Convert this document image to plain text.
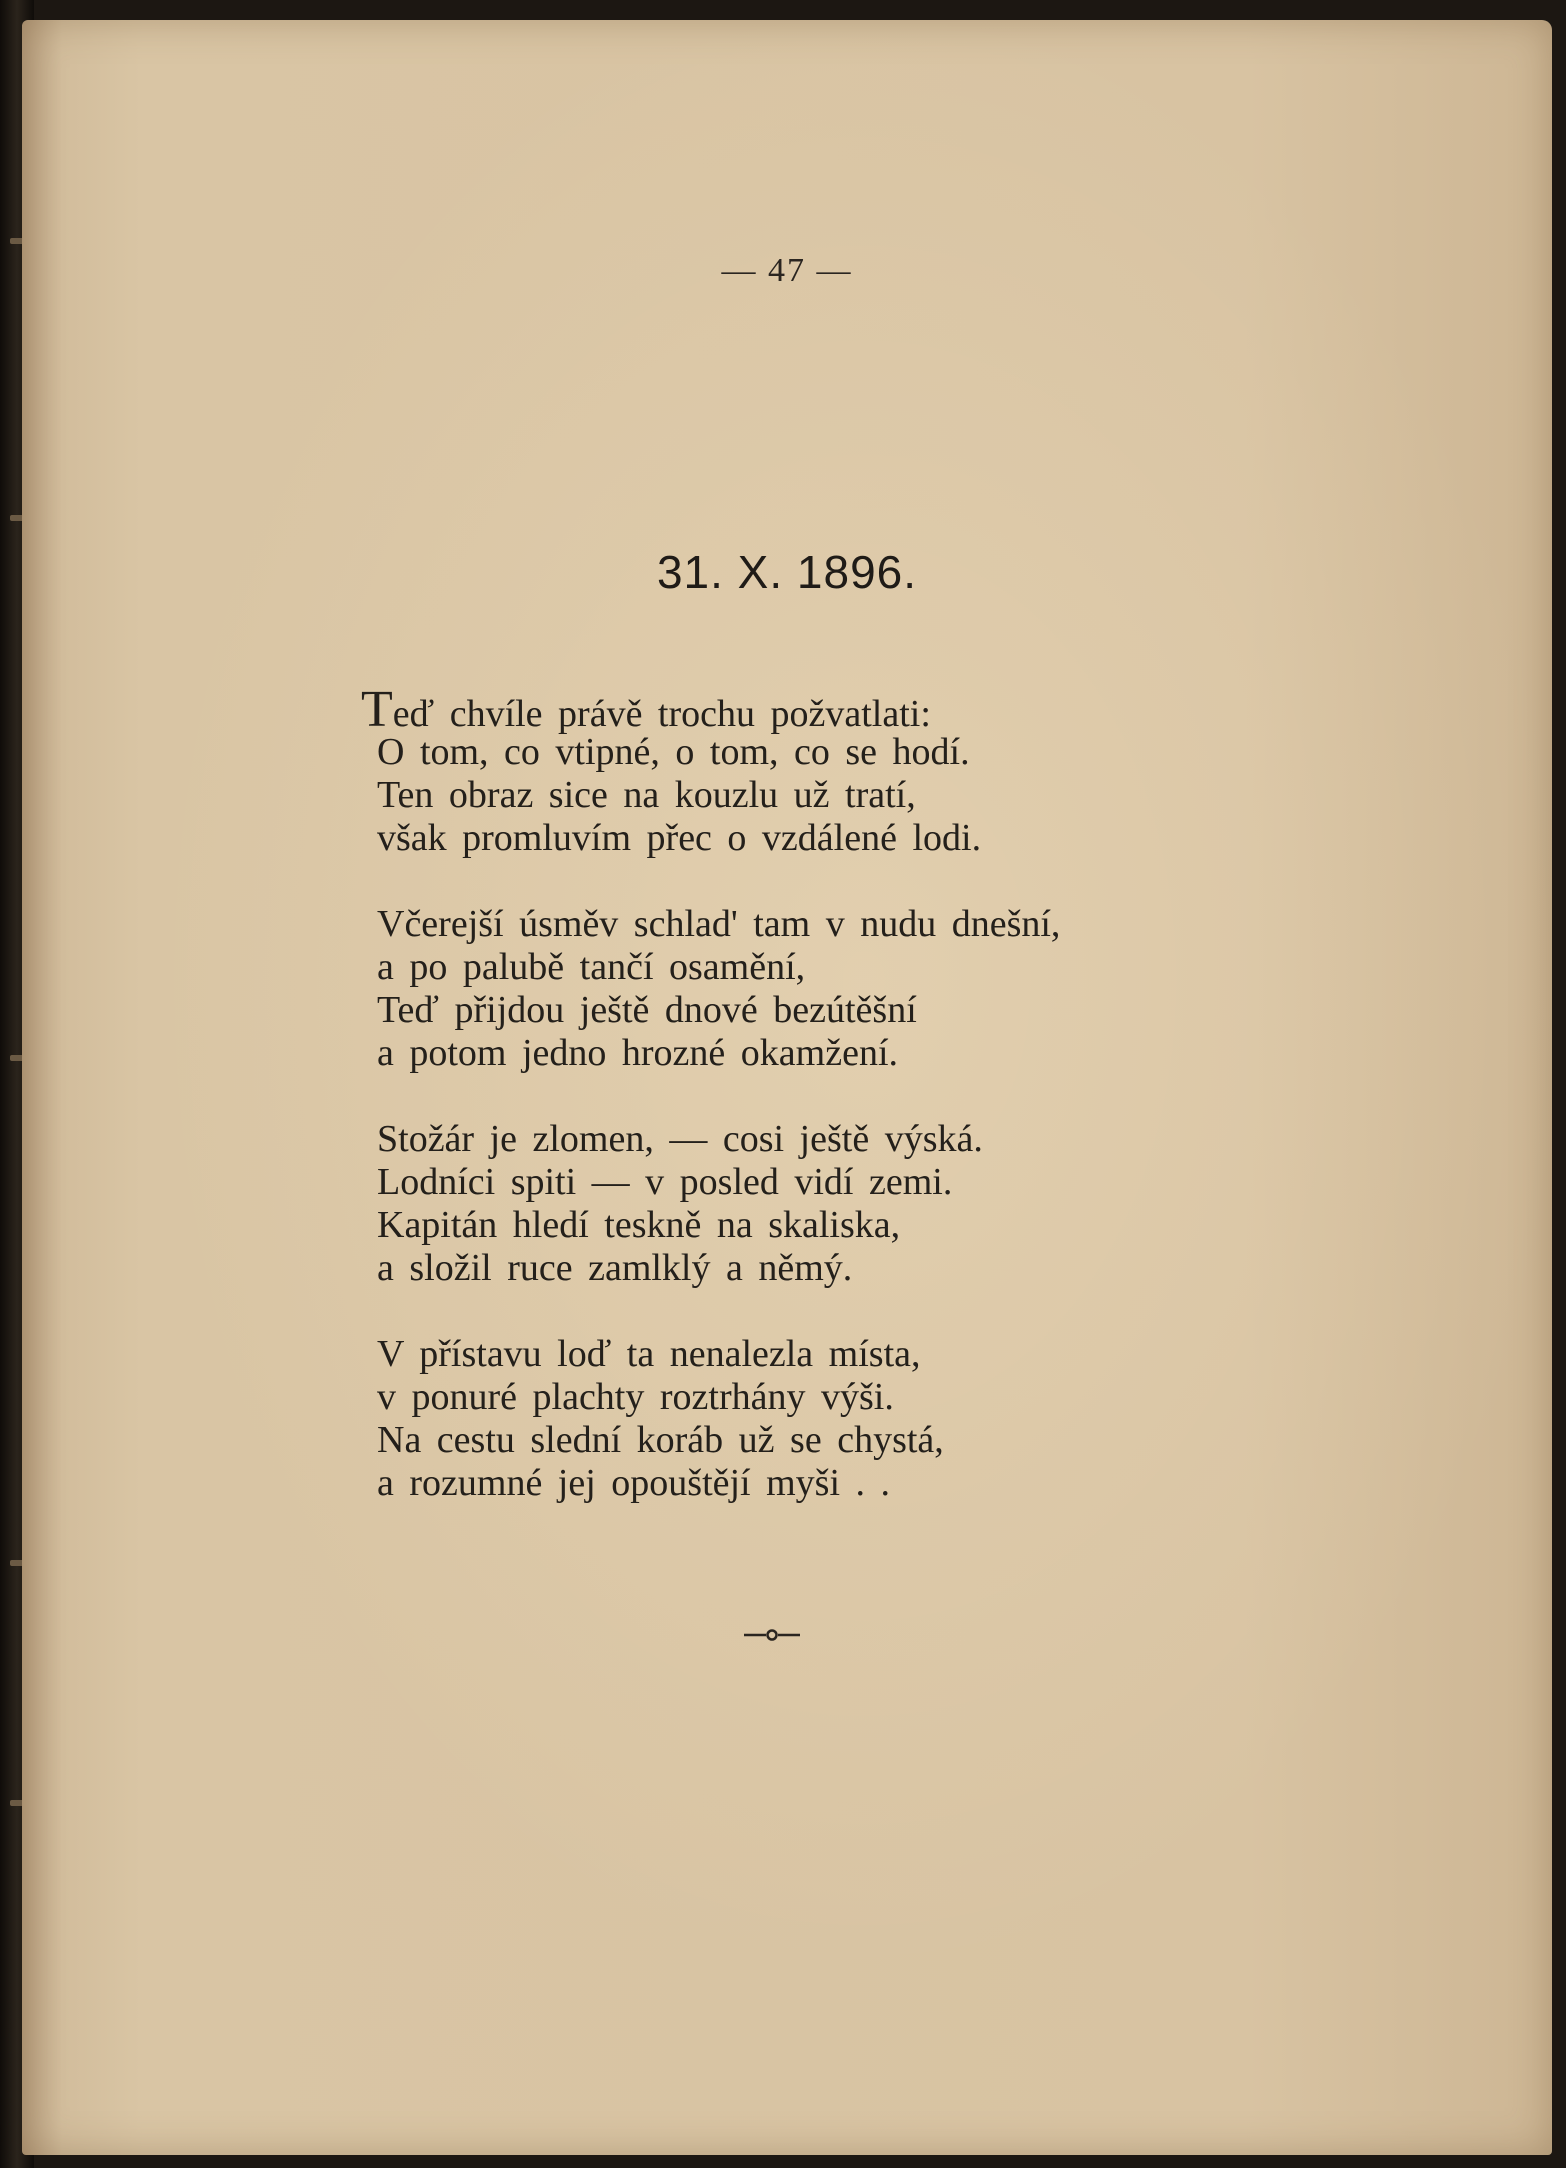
— 47 —
31. X. 1896.
Teď chvíle právě trochu požvatlati:
O tom, co vtipné, o tom, co se hodí.
Ten obraz sice na kouzlu už tratí,
však promluvím přec o vzdálené lodi.
Včerejší úsměv schlad' tam v nudu dnešní,
a po palubě tančí osamění,
Teď přijdou ještě dnové bezútěšní
a potom jedno hrozné okamžení.
Stožár je zlomen, — cosi ještě výská.
Lodníci spiti — v posled vidí zemi.
Kapitán hledí teskně na skaliska,
a složil ruce zamlklý a němý.
V přístavu loď ta nenalezla místa,
v ponuré plachty roztrhány výši.
Na cestu slední koráb už se chystá,
a rozumné jej opouštějí myši . .
